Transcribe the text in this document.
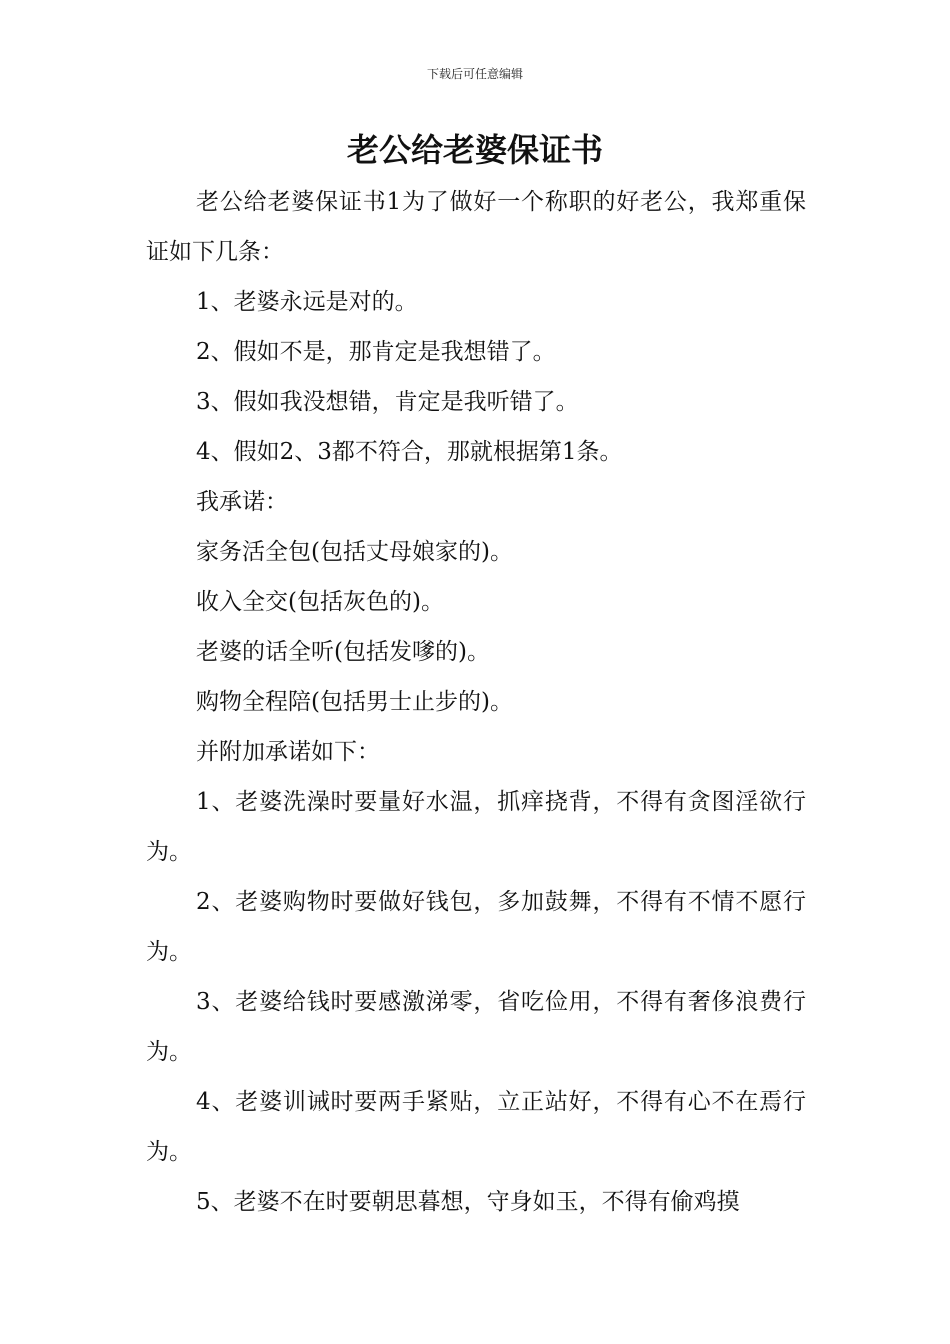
下载后可任意编辑
老公给老婆保证书

老公给老婆保证书1为了做好一个称职的好老公，我郑重保证如下几条：

1、老婆永远是对的。

2、假如不是，那肯定是我想错了。

3、假如我没想错，肯定是我听错了。

4、假如2、3都不符合，那就根据第1条。

我承诺：

家务活全包(包括丈母娘家的)。

收入全交(包括灰色的)。

老婆的话全听(包括发嗲的)。

购物全程陪(包括男士止步的)。

并附加承诺如下：

1、老婆洗澡时要量好水温，抓痒挠背，不得有贪图淫欲行为。

2、老婆购物时要做好钱包，多加鼓舞，不得有不情不愿行为。

3、老婆给钱时要感激涕零，省吃俭用，不得有奢侈浪费行为。

4、老婆训诫时要两手紧贴，立正站好，不得有心不在焉行为。

5、老婆不在时要朝思暮想，守身如玉，不得有偷鸡摸
